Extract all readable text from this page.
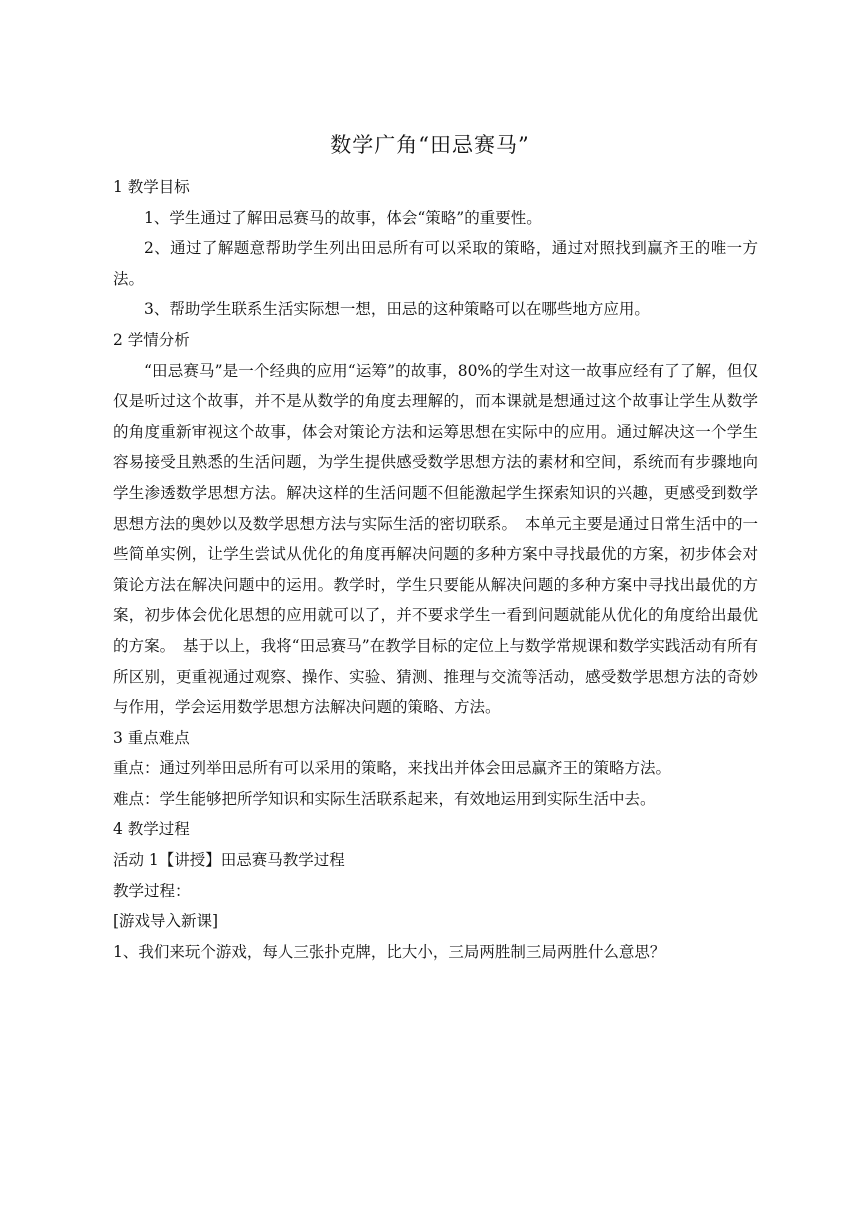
数学广角“田忌赛马”

1 教学目标

1、学生通过了解田忌赛马的故事，体会“策略”的重要性。

2、通过了解题意帮助学生列出田忌所有可以采取的策略，通过对照找到赢齐王的唯一方法。

3、帮助学生联系生活实际想一想，田忌的这种策略可以在哪些地方应用。

2 学情分析

“田忌赛马”是一个经典的应用“运筹”的故事，80%的学生对这一故事应经有了了解，但仅仅是听过这个故事，并不是从数学的角度去理解的，而本课就是想通过这个故事让学生从数学的角度重新审视这个故事，体会对策论方法和运筹思想在实际中的应用。通过解决这一个学生容易接受且熟悉的生活问题，为学生提供感受数学思想方法的素材和空间，系统而有步骤地向学生渗透数学思想方法。解决这样的生活问题不但能激起学生探索知识的兴趣，更感受到数学思想方法的奥妙以及数学思想方法与实际生活的密切联系。　本单元主要是通过日常生活中的一些简单实例，让学生尝试从优化的角度再解决问题的多种方案中寻找最优的方案，初步体会对策论方法在解决问题中的运用。教学时，学生只要能从解决问题的多种方案中寻找出最优的方案，初步体会优化思想的应用就可以了，并不要求学生一看到问题就能从优化的角度给出最优的方案。　基于以上，我将“田忌赛马”在教学目标的定位上与数学常规课和数学实践活动有所有所区别，更重视通过观察、操作、实验、猜测、推理与交流等活动，感受数学思想方法的奇妙与作用，学会运用数学思想方法解决问题的策略、方法。

3 重点难点

重点：通过列举田忌所有可以采用的策略，来找出并体会田忌赢齐王的策略方法。

难点：学生能够把所学知识和实际生活联系起来，有效地运用到实际生活中去。

4 教学过程

活动 1【讲授】田忌赛马教学过程

教学过程：

[游戏导入新课]

1、我们来玩个游戏，每人三张扑克牌，比大小，三局两胜制三局两胜什么意思？
